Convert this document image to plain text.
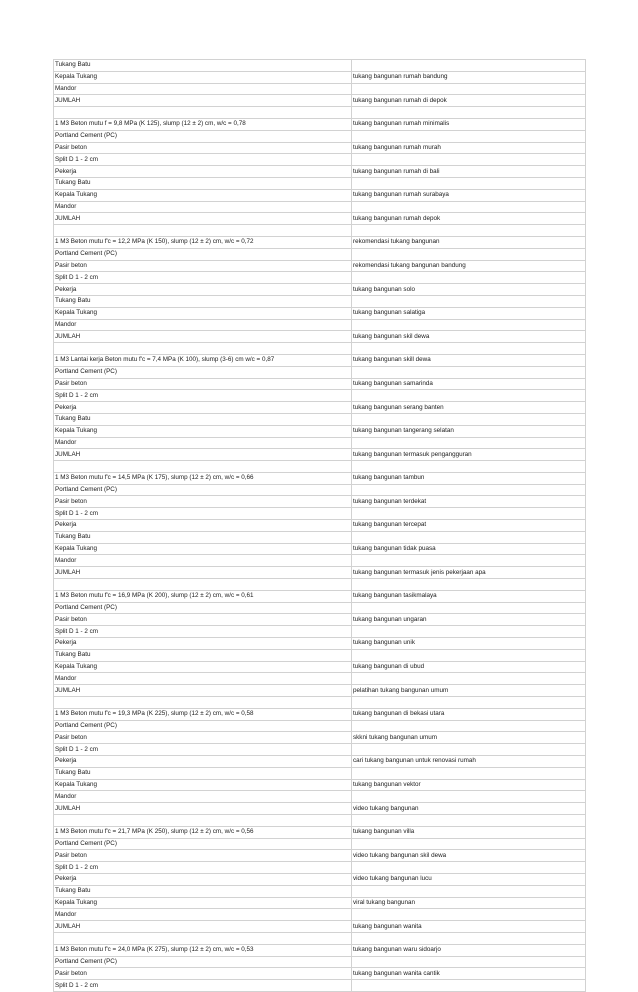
Tukang Batu	
Kepala Tukang	tukang bangunan rumah bandung
Mandor	
JUMLAH	tukang bangunan rumah di depok

1 M3 Beton mutu f = 9,8 MPa (K 125), slump (12 ± 2) cm, w/c = 0,78	tukang bangunan rumah minimalis
Portland Cement (PC)	
Pasir beton	tukang bangunan rumah murah
Split D 1 - 2 cm	
Pekerja	tukang bangunan rumah di bali
Tukang Batu	
Kepala Tukang	tukang bangunan rumah surabaya
Mandor	
JUMLAH	tukang bangunan rumah depok

1 M3 Beton mutu f'c = 12,2 MPa (K 150), slump (12 ± 2) cm, w/c = 0,72	rekomendasi tukang bangunan
Portland Cement (PC)	
Pasir beton	rekomendasi tukang bangunan bandung
Split D 1 - 2 cm	
Pekerja	tukang bangunan solo
Tukang Batu	
Kepala Tukang	tukang bangunan salatiga
Mandor	
JUMLAH	tukang bangunan skil dewa

1 M3 Lantai kerja Beton mutu f'c = 7,4 MPa (K 100), slump (3-6) cm w/c = 0,87	tukang bangunan skill dewa
Portland Cement (PC)	
Pasir beton	tukang bangunan samarinda
Split D 1 - 2 cm	
Pekerja	tukang bangunan serang banten
Tukang Batu	
Kepala Tukang	tukang bangunan tangerang selatan
Mandor	
JUMLAH	tukang bangunan termasuk pengangguran

1 M3 Beton mutu f'c = 14,5 MPa (K 175), slump (12 ± 2) cm, w/c = 0,66	tukang bangunan tambun
Portland Cement (PC)	
Pasir beton	tukang bangunan terdekat
Split D 1 - 2 cm	
Pekerja	tukang bangunan tercepat
Tukang Batu	
Kepala Tukang	tukang bangunan tidak puasa
Mandor	
JUMLAH	tukang bangunan termasuk jenis pekerjaan apa

1 M3 Beton mutu f'c = 16,9 MPa (K 200), slump (12 ± 2) cm, w/c = 0,61	tukang bangunan tasikmalaya
Portland Cement (PC)	
Pasir beton	tukang bangunan ungaran
Split D 1 - 2 cm	
Pekerja	tukang bangunan unik
Tukang Batu	
Kepala Tukang	tukang bangunan di ubud
Mandor	
JUMLAH	pelatihan tukang bangunan umum

1 M3 Beton mutu f'c = 19,3 MPa (K 225), slump (12 ± 2) cm, w/c = 0,58	tukang bangunan di bekasi utara
Portland Cement (PC)	
Pasir beton	skkni tukang bangunan umum
Split D 1 - 2 cm	
Pekerja	cari tukang bangunan untuk renovasi rumah
Tukang Batu	
Kepala Tukang	tukang bangunan vektor
Mandor	
JUMLAH	video tukang bangunan

1 M3 Beton mutu f'c = 21,7 MPa (K 250), slump (12 ± 2) cm, w/c = 0,56	tukang bangunan villa
Portland Cement (PC)	
Pasir beton	video tukang bangunan skil dewa
Split D 1 - 2 cm	
Pekerja	video tukang bangunan lucu
Tukang Batu	
Kepala Tukang	viral tukang bangunan
Mandor	
JUMLAH	tukang bangunan wanita

1 M3 Beton mutu f'c = 24,0 MPa (K 275), slump (12 ± 2) cm, w/c = 0,53	tukang bangunan waru sidoarjo
Portland Cement (PC)	
Pasir beton	tukang bangunan wanita cantik
Split D 1 - 2 cm	
